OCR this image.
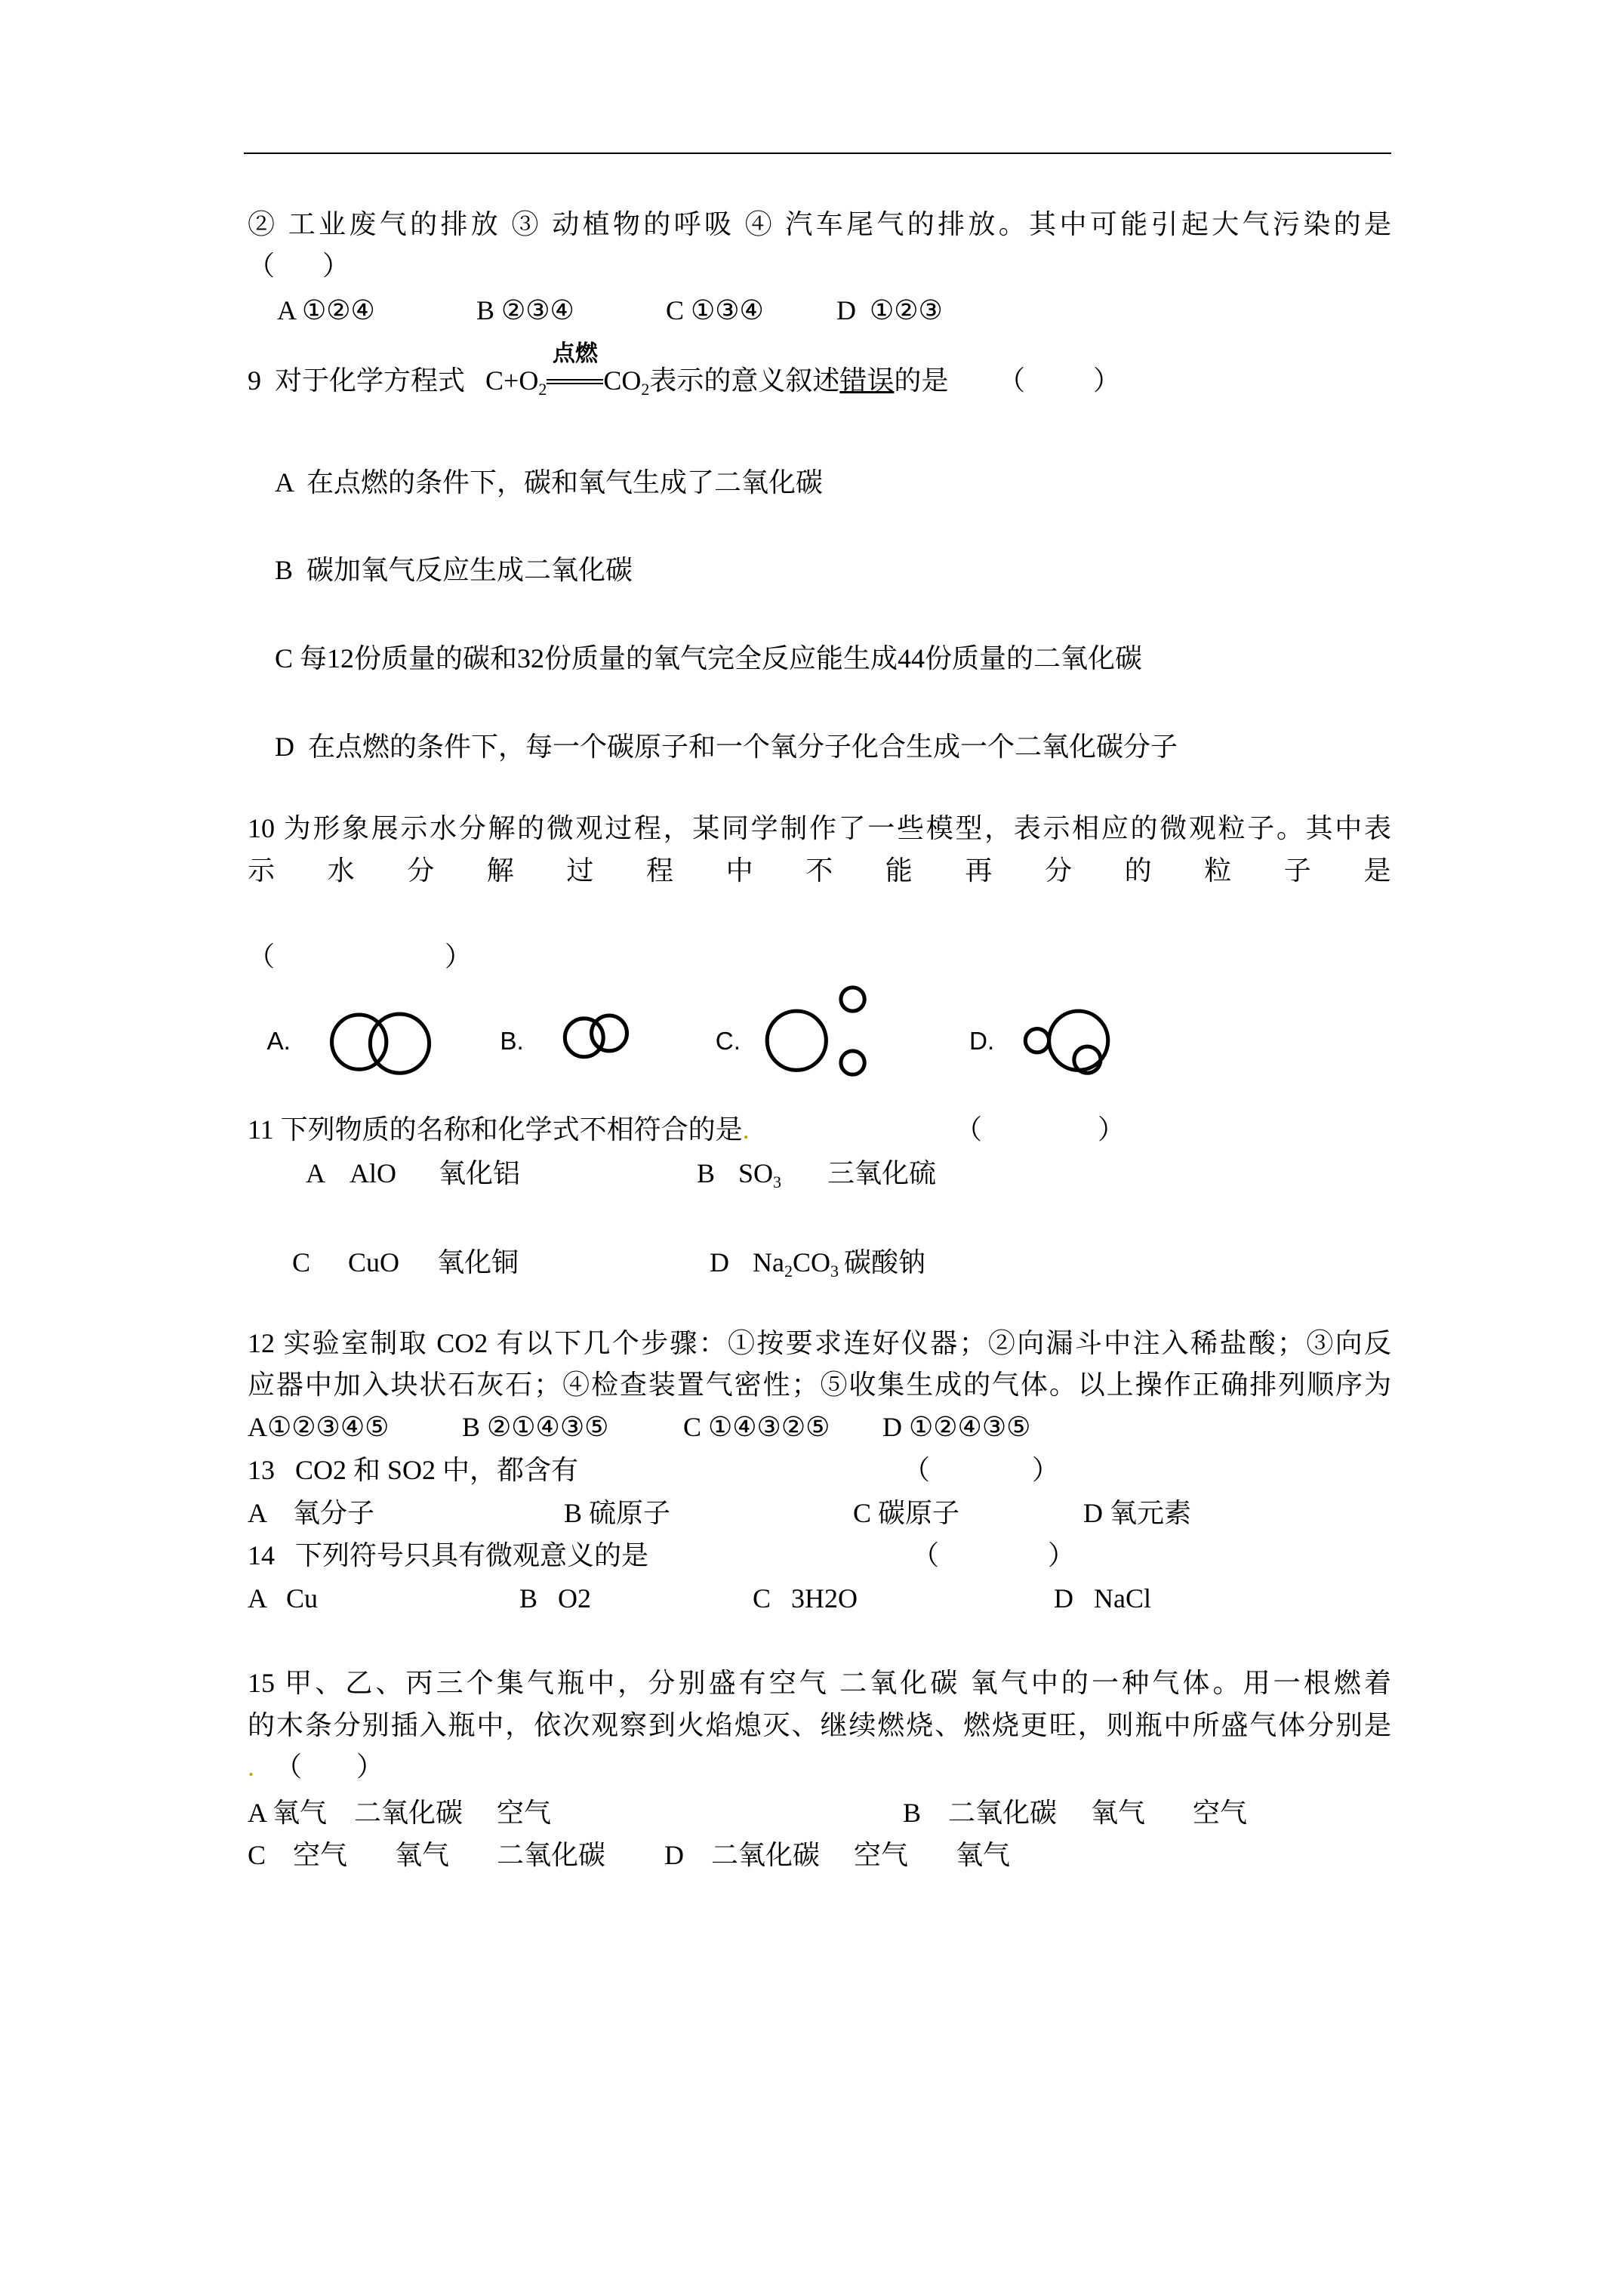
② 工业废气的排放 ③ 动植物的呼吸 ④ 汽车尾气的排放。其中可能引起大气污染的是
（       ）
A ①②④	B ②③④	C ①③④	D  ①②③
9  对于化学方程式   $C+O_2$
点燃
$CO_2$表示的意义叙述错误的是 （          ）
A  在点燃的条件下，碳和氧气生成了二氧化碳
B  碳加氧气反应生成二氧化碳
C 每12份质量的碳和32份质量的氧气完全反应能生成44份质量的二氧化碳
D  在点燃的条件下，每一个碳原子和一个氧分子化合生成一个二氧化碳分子
10 为形象展示水分解的微观过程，某同学制作了一些模型，表示相应的微观粒子。其中表
示水分解过程中不能再分的粒子是
（                         ）
A.	B.	C.	D.
11 下列物质的名称和化学式不相符合的是.	（                 ）
A AlO 氧化铝	B $SO_3$ 三氧化硫
C CuO 氧化铜	D $Na_2CO_3$ 碳酸钠
12 实验室制取 CO2 有以下几个步骤：①按要求连好仪器；②向漏斗中注入稀盐酸；③向反
应器中加入块状石灰石；④检查装置气密性；⑤收集生成的气体。以上操作正确排列顺序为
A①②③④⑤	B ②①④③⑤	C ①④③②⑤ D ①②④③⑤
13   CO2 和 SO2 中，都含有	（               ）
A    氧分子	B 硫原子	C 碳原子	D 氧元素
14   下列符号只具有微观意义的是	（                ）
A   Cu	B   O2	C   3H2O	D   NaCl
15 甲、乙、丙三个集气瓶中，分别盛有空气 二氧化碳 氧气中的一种气体。用一根燃着
的木条分别插入瓶中，依次观察到火焰熄灭、继续燃烧、燃烧更旺，则瓶中所盛气体分别是
. （        ）
A 氧气    二氧化碳     空气	B    二氧化碳     氧气       空气
C    空气       氧气       二氧化碳 D    二氧化碳     空气       氧气
